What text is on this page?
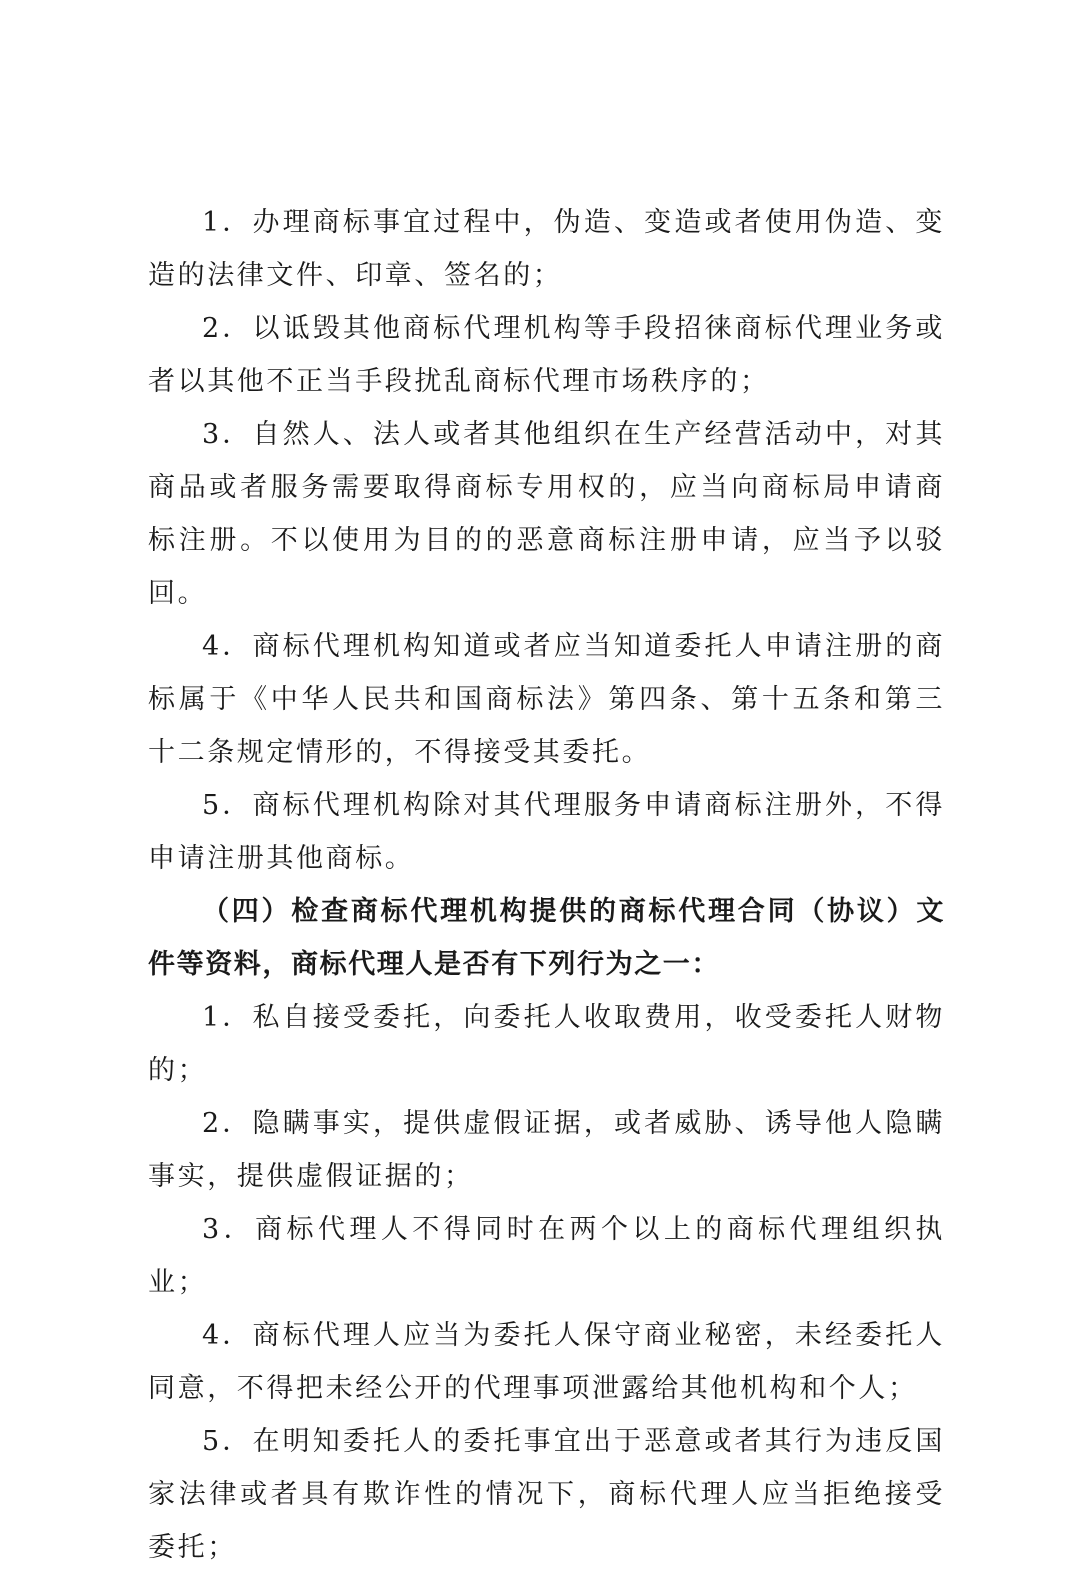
1．办理商标事宜过程中，伪造、变造或者使用伪造、变造的法律文件、印章、签名的；

2．以诋毁其他商标代理机构等手段招徕商标代理业务或者以其他不正当手段扰乱商标代理市场秩序的；

3．自然人、法人或者其他组织在生产经营活动中，对其商品或者服务需要取得商标专用权的，应当向商标局申请商标注册。不以使用为目的的恶意商标注册申请，应当予以驳回。

4．商标代理机构知道或者应当知道委托人申请注册的商标属于《中华人民共和国商标法》第四条、第十五条和第三十二条规定情形的，不得接受其委托。

5．商标代理机构除对其代理服务申请商标注册外，不得申请注册其他商标。

（四）检查商标代理机构提供的商标代理合同（协议）文件等资料，商标代理人是否有下列行为之一：

1．私自接受委托，向委托人收取费用，收受委托人财物的；

2．隐瞒事实，提供虚假证据，或者威胁、诱导他人隐瞒事实，提供虚假证据的；

3．商标代理人不得同时在两个以上的商标代理组织执业；

4．商标代理人应当为委托人保守商业秘密，未经委托人同意，不得把未经公开的代理事项泄露给其他机构和个人；

5．在明知委托人的委托事宜出于恶意或者其行为违反国家法律或者具有欺诈性的情况下，商标代理人应当拒绝接受委托；
